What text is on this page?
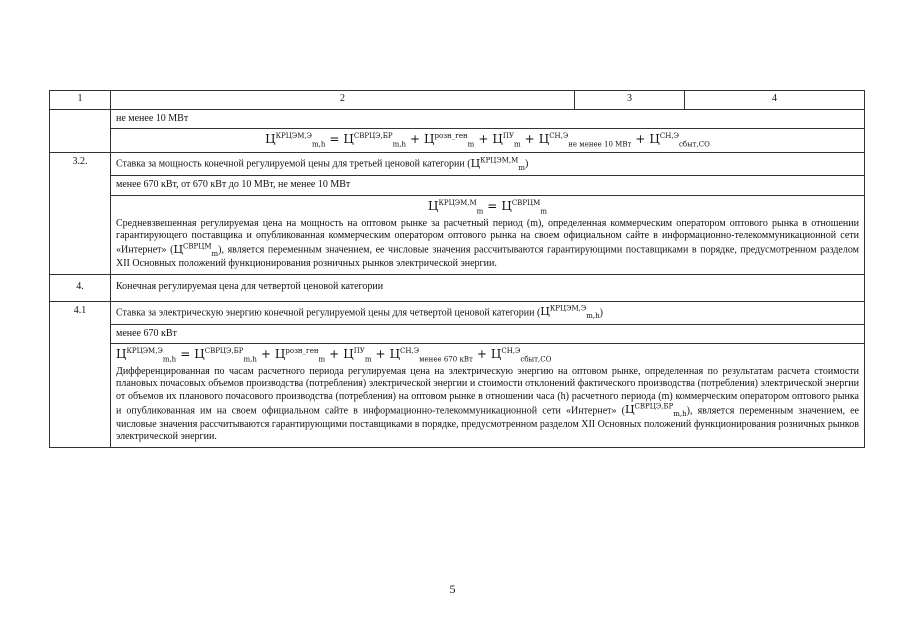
1	2	3	4
	не менее 10 МВт		

	$Ц^{КРЦЭМ,Э}_{m,h} = Ц^{СВРЦЭ,БР}_{m,h} + Ц^{розн\_ген}_m + Ц^{ПУ}_m + Ц^{СН,Э}_{не менее 10 МВт} + Ц^{СН,Э}_{сбыт,СО}$

3.2.	Ставка за мощность конечной регулируемой цены для третьей ценовой категории $(Ц^{КРЦЭМ,М}_m)$		
	менее 670 кВт, от 670 кВт до 10 МВт, не менее 10 МВт		

	$Ц^{КРЦЭМ,М}_m = Ц^{СВРЦМ}_m$
Средневзвешенная регулируемая цена на мощность на оптовом рынке за расчетный период (m), определенная коммерческим оператором оптового рынка в отношении гарантирующего поставщика и опубликованная коммерческим оператором оптового рынка на своем официальном сайте в информационно-телекоммуникационной сети «Интернет» $(Ц^{СВРЦМ}_m)$, является переменным значением, ее числовые значения рассчитываются гарантирующими поставщиками в порядке, предусмотренном разделом XII Основных положений функционирования розничных рынков электрической энергии.		

4.	Конечная регулируемая цена для четвертой ценовой категории		
4.1	Ставка за электрическую энергию конечной регулируемой цены для четвертой ценовой категории $(Ц^{КРЦЭМ,Э}_{m,h})$		
	менее 670 кВт		

	$Ц^{КРЦЭМ,Э}_{m,h} = Ц^{СВРЦЭ,БР}_{m,h} + Ц^{розн\_ген}_m + Ц^{ПУ}_m + Ц^{СН,Э}_{менее 670 кВт} + Ц^{СН,Э}_{сбыт,СО}$
Дифференцированная по часам расчетного периода регулируемая цена на электрическую энергию на оптовом рынке, определенная по результатам расчета стоимости плановых почасовых объемов производства (потребления) электрической энергии и стоимости отклонений фактического производства (потребления) электрической энергии от объемов их планового почасового производства (потребления) на оптовом рынке в отношении часа (h) расчетного периода (m) коммерческим оператором оптового рынка и опубликованная им на своем официальном сайте в информационно-телекоммуникационной сети «Интернет» $(Ц^{СВРЦЭ,БР}_{m,h})$, является переменным значением, ее числовые значения рассчитываются гарантирующими поставщиками в порядке, предусмотренном разделом XII Основных положений функционирования розничных рынков электрической энергии.		
5
